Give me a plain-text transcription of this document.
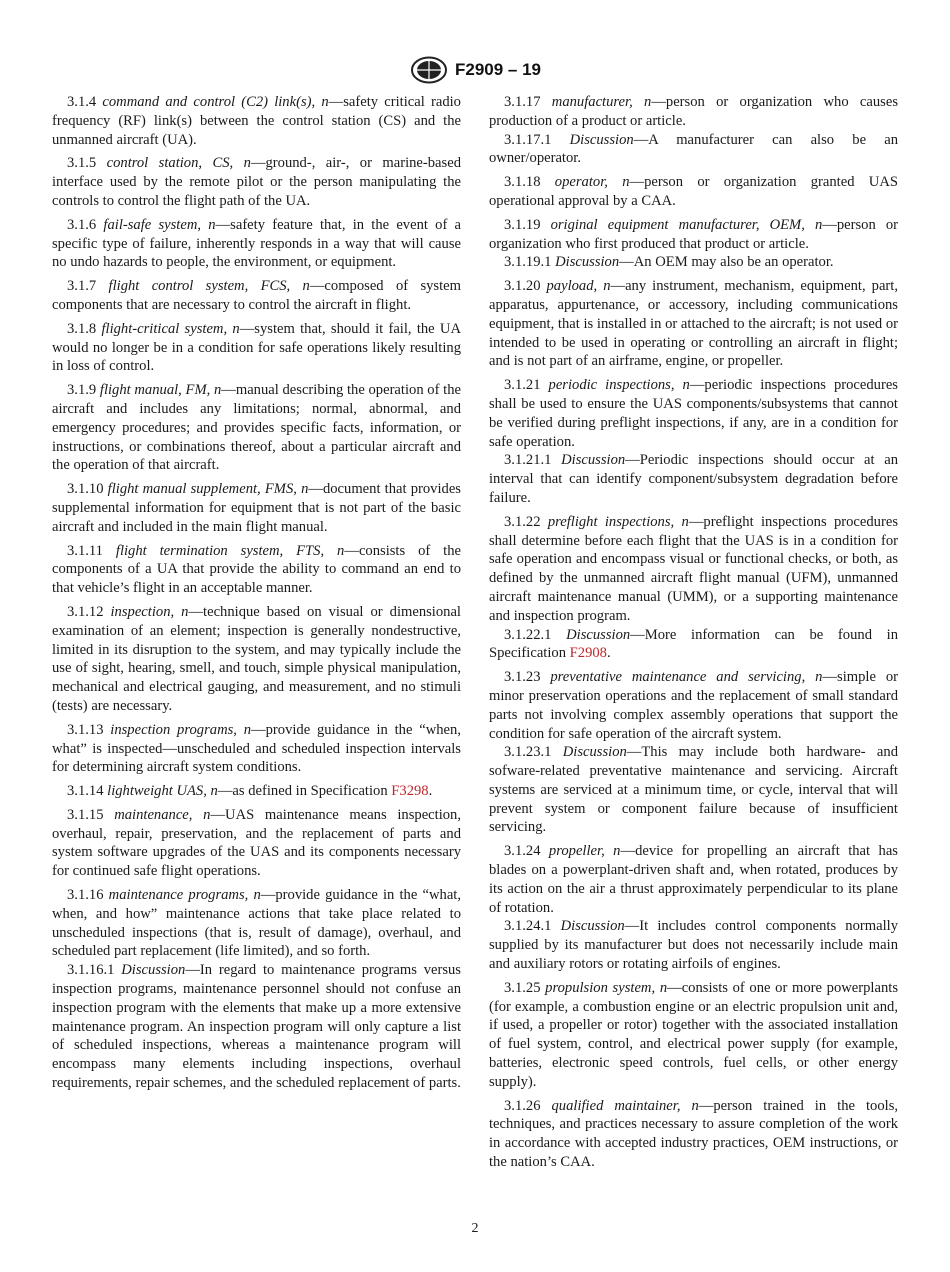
F2909 – 19

3.1.4 command and control (C2) link(s), n—safety critical radio frequency (RF) link(s) between the control station (CS) and the unmanned aircraft (UA).

3.1.5 control station, CS, n—ground-, air-, or marine-based interface used by the remote pilot or the person manipulating the controls to control the flight path of the UA.

3.1.6 fail-safe system, n—safety feature that, in the event of a specific type of failure, inherently responds in a way that will cause no undo hazards to people, the environment, or equipment.

3.1.7 flight control system, FCS, n—composed of system components that are necessary to control the aircraft in flight.

3.1.8 flight-critical system, n—system that, should it fail, the UA would no longer be in a condition for safe operations likely resulting in loss of control.

3.1.9 flight manual, FM, n—manual describing the operation of the aircraft and includes any limitations; normal, abnormal, and emergency procedures; and provides specific facts, information, or instructions, or combinations thereof, about a particular aircraft and the operation of that aircraft.

3.1.10 flight manual supplement, FMS, n—document that provides supplemental information for equipment that is not part of the basic aircraft and included in the main flight manual.

3.1.11 flight termination system, FTS, n—consists of the components of a UA that provide the ability to command an end to that vehicle’s flight in an acceptable manner.

3.1.12 inspection, n—technique based on visual or dimensional examination of an element; inspection is generally nondestructive, limited in its disruption to the system, and may typically include the use of sight, hearing, smell, and touch, simple physical manipulation, mechanical and electrical gauging, and measurement, and no stimuli (tests) are necessary.

3.1.13 inspection programs, n—provide guidance in the “when, what” is inspected—unscheduled and scheduled inspection intervals for determining aircraft system conditions.

3.1.14 lightweight UAS, n—as defined in Specification F3298.

3.1.15 maintenance, n—UAS maintenance means inspection, overhaul, repair, preservation, and the replacement of parts and system software upgrades of the UAS and its components necessary for continued safe flight operations.

3.1.16 maintenance programs, n—provide guidance in the “what, when, and how” maintenance actions that take place related to unscheduled inspections (that is, result of damage), overhaul, and scheduled part replacement (life limited), and so forth.

3.1.16.1 Discussion—In regard to maintenance programs versus inspection programs, maintenance personnel should not confuse an inspection program with the elements that make up a more extensive maintenance program. An inspection program will only capture a list of scheduled inspections, whereas a maintenance program will encompass many elements including inspections, overhaul requirements, repair schemes, and the scheduled replacement of parts.

3.1.17 manufacturer, n—person or organization who causes production of a product or article.

3.1.17.1 Discussion—A manufacturer can also be an owner/operator.

3.1.18 operator, n—person or organization granted UAS operational approval by a CAA.

3.1.19 original equipment manufacturer, OEM, n—person or organization who first produced that product or article.

3.1.19.1 Discussion—An OEM may also be an operator.

3.1.20 payload, n—any instrument, mechanism, equipment, part, apparatus, appurtenance, or accessory, including communications equipment, that is installed in or attached to the aircraft; is not used or intended to be used in operating or controlling an aircraft in flight; and is not part of an airframe, engine, or propeller.

3.1.21 periodic inspections, n—periodic inspections procedures shall be used to ensure the UAS components/subsystems that cannot be verified during preflight inspections, if any, are in a condition for safe operation.

3.1.21.1 Discussion—Periodic inspections should occur at an interval that can identify component/subsystem degradation before failure.

3.1.22 preflight inspections, n—preflight inspections procedures shall determine before each flight that the UAS is in a condition for safe operation and encompass visual or functional checks, or both, as defined by the unmanned aircraft flight manual (UFM), unmanned aircraft maintenance manual (UMM), or a supporting maintenance and inspection program.

3.1.22.1 Discussion—More information can be found in Specification F2908.

3.1.23 preventative maintenance and servicing, n—simple or minor preservation operations and the replacement of small standard parts not involving complex assembly operations that support the condition for safe operation of the aircraft system.

3.1.23.1 Discussion—This may include both hardware- and sofware-related preventative maintenance and servicing. Aircraft systems are serviced at a minimum time, or cycle, interval that will prevent system or component failure because of insufficient servicing.

3.1.24 propeller, n—device for propelling an aircraft that has blades on a powerplant-driven shaft and, when rotated, produces by its action on the air a thrust approximately perpendicular to its plane of rotation.

3.1.24.1 Discussion—It includes control components normally supplied by its manufacturer but does not necessarily include main and auxiliary rotors or rotating airfoils of engines.

3.1.25 propulsion system, n—consists of one or more powerplants (for example, a combustion engine or an electric propulsion unit and, if used, a propeller or rotor) together with the associated installation of fuel system, control, and electrical power supply (for example, batteries, electronic speed controls, fuel cells, or other energy supply).

3.1.26 qualified maintainer, n—person trained in the tools, techniques, and practices necessary to assure completion of the work in accordance with accepted industry practices, OEM instructions, or the nation’s CAA.

2
